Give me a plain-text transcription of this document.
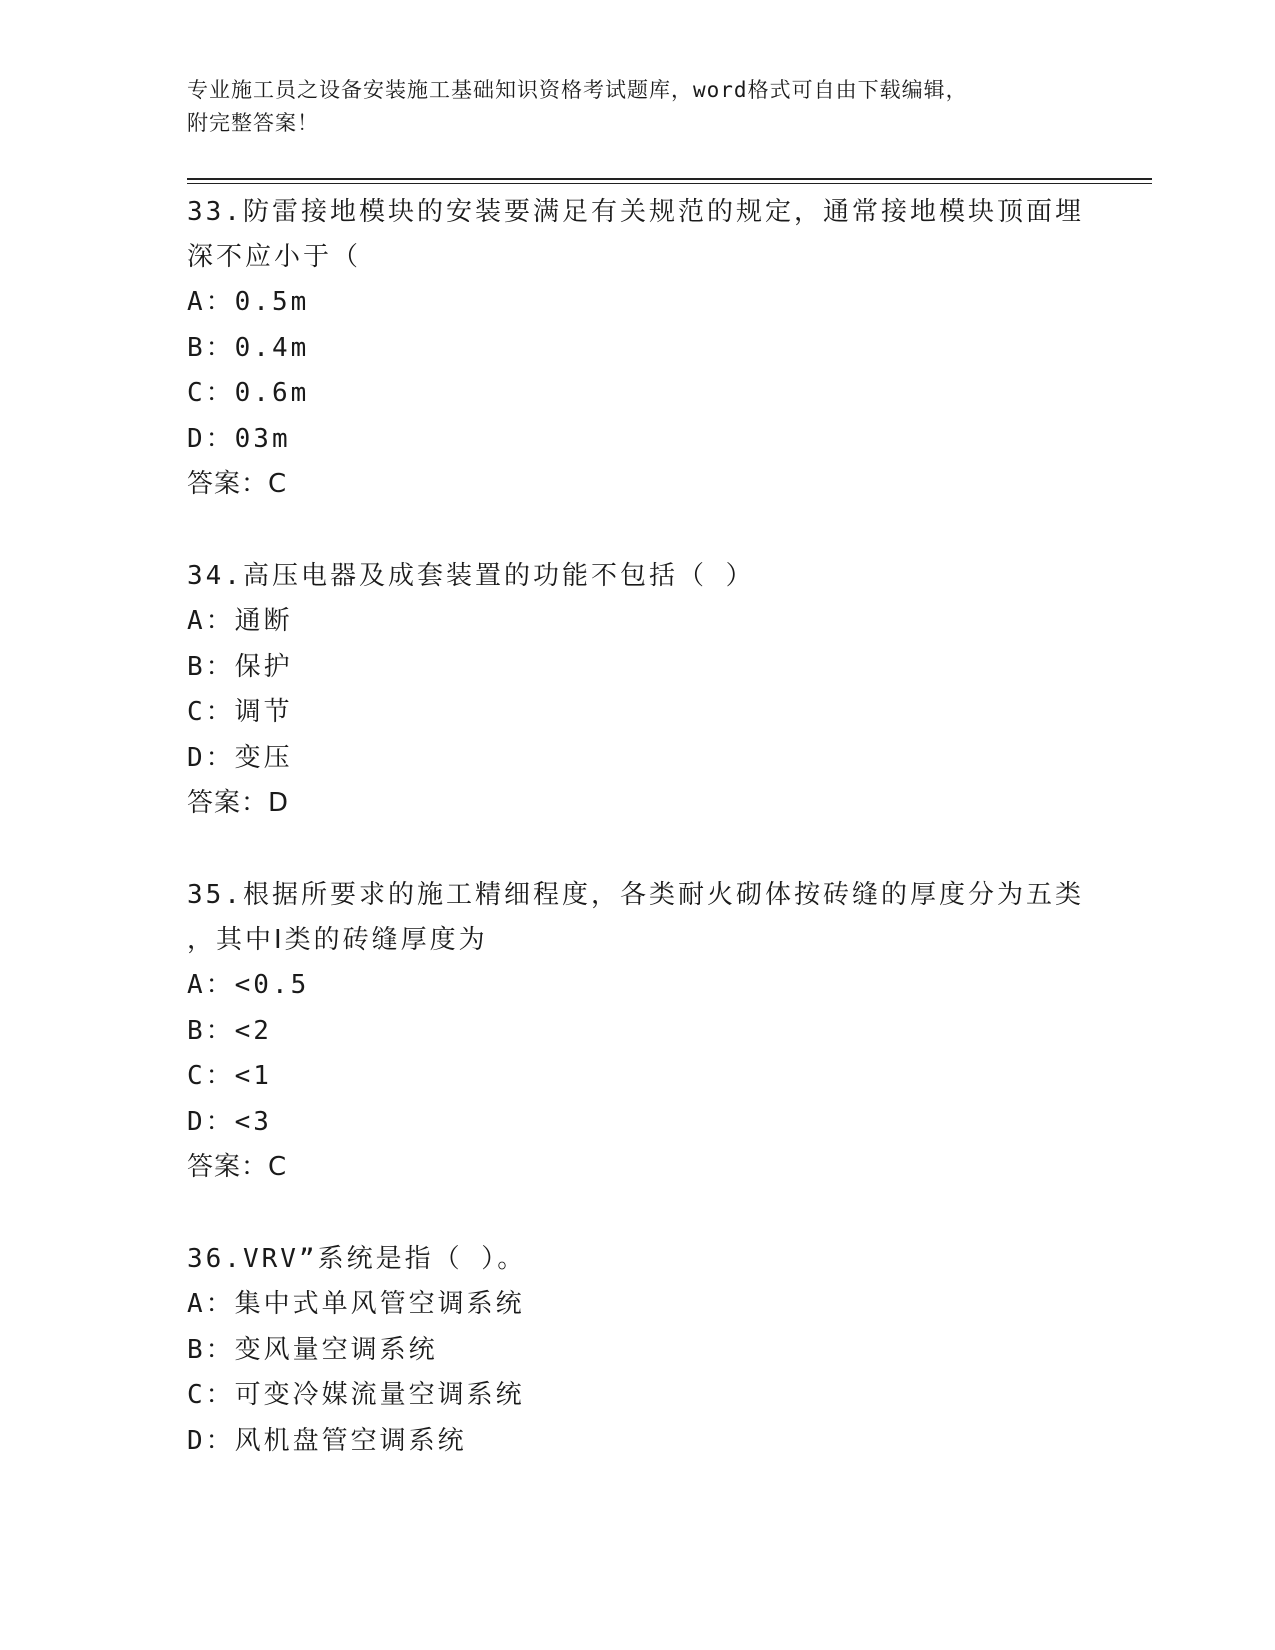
专业施工员之设备安装施工基础知识资格考试题库，word格式可自由下载编辑，
附完整答案！
33.防雷接地模块的安装要满足有关规范的规定，通常接地模块顶面埋
深不应小于（
A：0.5m
B：0.4m
C：0.6m
D：03m
答案：C
34.高压电器及成套装置的功能不包括（ ）
A：通断
B：保护
C：调节
D：变压
答案：D
35.根据所要求的施工精细程度，各类耐火砌体按砖缝的厚度分为五类
，其中Ⅰ类的砖缝厚度为
A：<0.5
B：<2
C：<1
D：<3
答案：C
36.VRV”系统是指（ ）。
A：集中式单风管空调系统
B：变风量空调系统
C：可变冷媒流量空调系统
D：风机盘管空调系统
